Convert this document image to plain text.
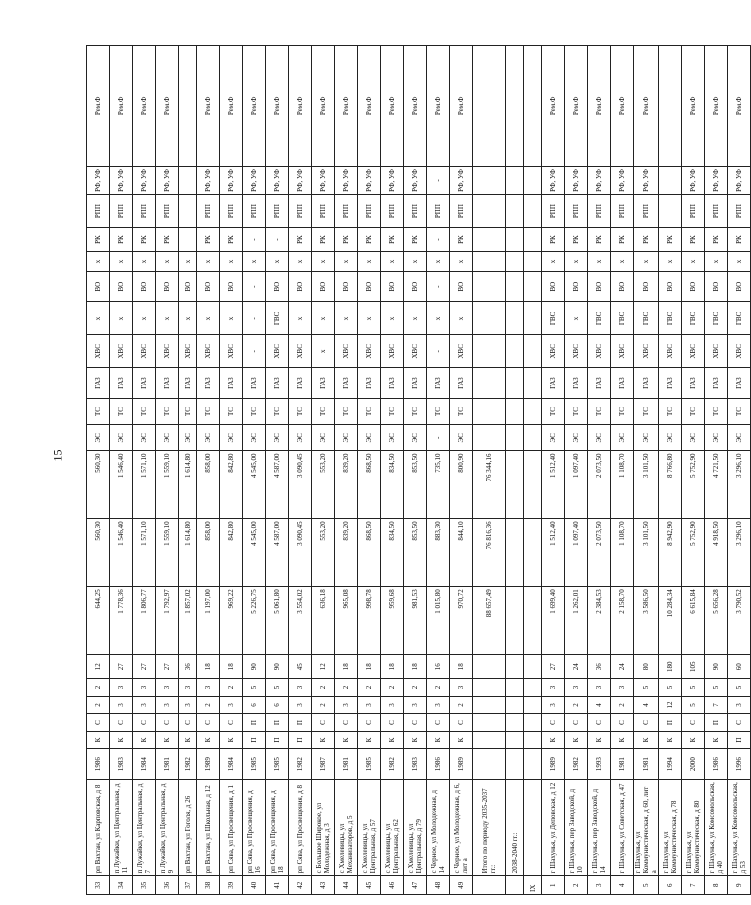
15
33	рп Вахтан, ул Карповская, д 8	1986	К	С	2	2	12	644,25	560,30	560,30	ЭС	ТС	ГАЗ	ХВС	х	ВО	х	РК	РПП	РФ, УФ	Рем.Ф
34	п Лужайки, ул Центральная, д 11	1983	К	С	3	3	27	1 778,36	1 546,40	1 546,40	ЭС	ТС	ГАЗ	ХВС	х	ВО	х	РК	РПП	РФ, УФ	Рем.Ф
35	п Лужайки, ул Центральная, д 7	1984	К	С	3	3	27	1 806,77	1 571,10	1 571,10	ЭС	ТС	ГАЗ	ХВС	х	ВО	х	РК	РПП	РФ, УФ	Рем.Ф
36	п Лужайки, ул Центральная, д 9	1981	К	С	3	3	27	1 792,97	1 559,10	1 559,10	ЭС	ТС	ГАЗ	ХВС	х	ВО	х	РК	РПП	РФ, УФ	Рем.Ф
37	рп Вахтан, ул Гоголя, д 26	1982	К	С	3	3	36	1 857,02	1 614,80	1 614,80	ЭС	ТС	ГАЗ	ХВС	х	ВО	х				
38	рп Вахтан, ул Школьная, д 12	1989	К	С	2	3	18	1 197,00	858,00	858,00	ЭС	ТС	ГАЗ	ХВС	х	ВО	х	РК	РПП	РФ, УФ	Рем.Ф
39	рп Сява, ул Просвещения, д 1	1984	К	С	3	2	18	969,22	842,80	842,80	ЭС	ТС	ГАЗ	ХВС	х	ВО	х	РК	РПП	РФ, УФ	Рем.Ф
40	рп Сява, ул Просвещения, д 16	1985	П	П	6	5	90	5 226,75	4 545,00	4 545,00	ЭС	ТС	ГАЗ	-	-	-	х	-	РПП	РФ, УФ	Рем.Ф
41	рп Сява, ул Просвещения, д 18	1985	П	П	6	5	90	5 061,80	4 587,00	4 587,00	ЭС	ТС	ГАЗ	ХВС	ГВС	ВО	х	-	РПП	РФ, УФ	Рем.Ф
42	рп Сява, ул Просвещения, д 8	1982	П	П	3	3	45	3 554,02	3 090,45	3 090,45	ЭС	ТС	ГАЗ	ХВС	х	ВО	х	РК	РПП	РФ, УФ	Рем.Ф
43	с Большое Широкое, ул Молодежная, д 3	1987	К	С	2	2	12	636,18	553,20	553,20	ЭС	ТС	ГАЗ	х	х	ВО	х	РК	РПП	РФ, УФ	Рем.Ф
44	с Хмелевицы, ул Механизаторов, д 5	1981	К	С	3	2	18	965,08	839,20	839,20	ЭС	ТС	ГАЗ	ХВС	х	ВО	х	РК	РПП	РФ, УФ	Рем.Ф
45	с Хмелевицы, ул Центральная, д 57	1985	К	С	3	2	18	998,78	868,50	868,50	ЭС	ТС	ГАЗ	ХВС	х	ВО	х	РК	РПП	РФ, УФ	Рем.Ф
46	с Хмелевицы, ул Центральная, д 62	1982	К	С	3	2	18	959,68	834,50	834,50	ЭС	ТС	ГАЗ	ХВС	х	ВО	х	РК	РПП	РФ, УФ	Рем.Ф
47	с Хмелевицы, ул Центральная, д 79	1983	К	С	3	2	18	981,53	853,50	853,50	ЭС	ТС	ГАЗ	ХВС	х	ВО	х	РК	РПП	РФ, УФ	Рем.Ф
48	с Черное, ул Молодежная, д 14	1986	К	С	3	2	16	1 015,80	883,30	735,10	-	ТС	ГАЗ	-	х	-	х	-	РПП	-	Рем.Ф
49	с Черное, ул Молодежная, д 6, лит а	1989	К	С	2	3	18	970,72	844,10	800,90	ЭС	ТС	ГАЗ	ХВС	х	ВО	х	РК	РПП	РФ, УФ	Рем.Ф
	Итого по периоду 2035-2037 гг.:							88 657,49	76 816,36	76 344,16											
	2038-2040 гг.:																				
IX																					
1	г Шахунья, ул Деповская, д 12	1989	К	С	3	3	27	1 699,40	1 512,40	1 512,40	ЭС	ТС	ГАЗ	ХВС	ГВС	ВО	х	РК	РПП	РФ, УФ	Рем.Ф
2	г Шахунья, пер Заводской, д 10	1982	К	С	2	3	24	1 262,01	1 097,40	1 097,40	ЭС	ТС	ГАЗ	ХВС	х	ВО	х	РК	РПП	РФ, УФ	Рем.Ф
3	г Шахунья, пер Заводской, д 14	1993	К	С	4	3	36	2 384,53	2 073,50	2 073,50	ЭС	ТС	ГАЗ	ХВС	ГВС	ВО	х	РК	РПП	РФ, УФ	Рем.Ф
4	г Шахунья, ул Советская, д 47	1981	К	С	2	3	24	2 158,70	1 108,70	1 108,70	ЭС	ТС	ГАЗ	ХВС	ГВС	ВО	х	РК	РПП	РФ, УФ	Рем.Ф
5	г Шахунья, ул Коммунистическая, д 60, лит а	1981	К	С	4	5	80	3 586,50	3 101,50	3 101,50	ЭС	ТС	ГАЗ	ХВС	ГВС	ВО	х	РК	РПП	РФ, УФ	Рем.Ф
6	г Шахунья, ул Коммунистическая, д 78	1994	К	П	12	5	180	10 284,34	8 942,90	8 766,80	ЭС	ТС	ГАЗ	ХВС	ГВС	ВО	х	РК			
7	г Шахунья, ул Коммунистическая, д 80	2000	К	С	5	5	105	6 615,84	5 752,90	5 752,90	ЭС	ТС	ГАЗ	ХВС	ГВС	ВО	х	РК	РПП	РФ, УФ	Рем.Ф
8	г Шахунья, ул Комсомольская, д 40	1986	К	П	7	5	90	5 656,28	4 918,50	4 721,50	ЭС	ТС	ГАЗ	ХВС	ГВС	ВО	х	РК	РПП	РФ, УФ	Рем.Ф
9	г Шахунья, ул Комсомольская, д 53	1996	П	С	3	5	60	3 790,52	3 296,10	3 296,10	ЭС	ТС	ГАЗ	ХВС	ГВС	ВО	х	РК	РПП	РФ, УФ	Рем.Ф
